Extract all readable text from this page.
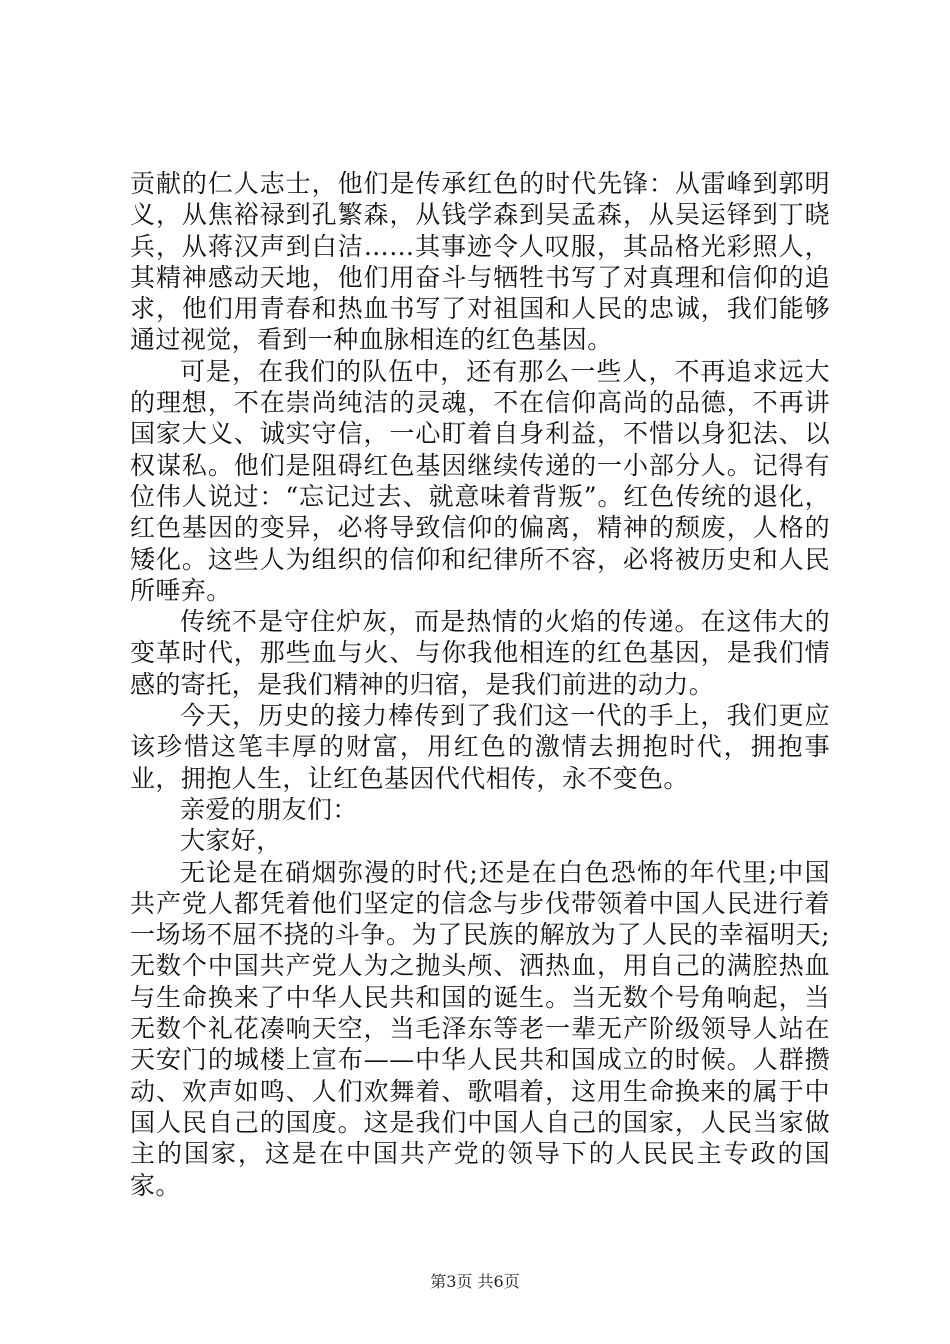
贡献的仁人志士，他们是传承红色的时代先锋：从雷峰到郭明义，从焦裕禄到孔繁森，从钱学森到吴孟森，从吴运铎到丁晓兵，从蒋汉声到白洁……其事迹令人叹服，其品格光彩照人，其精神感动天地，他们用奋斗与牺牲书写了对真理和信仰的追求，他们用青春和热血书写了对祖国和人民的忠诚，我们能够通过视觉，看到一种血脉相连的红色基因。

可是，在我们的队伍中，还有那么一些人，不再追求远大的理想，不在崇尚纯洁的灵魂，不在信仰高尚的品德，不再讲国家大义、诚实守信，一心盯着自身利益，不惜以身犯法、以权谋私。他们是阻碍红色基因继续传递的一小部分人。记得有位伟人说过：“忘记过去、就意味着背叛”。红色传统的退化，红色基因的变异，必将导致信仰的偏离，精神的颓废，人格的矮化。这些人为组织的信仰和纪律所不容，必将被历史和人民所唾弃。

传统不是守住炉灰，而是热情的火焰的传递。在这伟大的变革时代，那些血与火、与你我他相连的红色基因，是我们情感的寄托，是我们精神的归宿，是我们前进的动力。

今天，历史的接力棒传到了我们这一代的手上，我们更应该珍惜这笔丰厚的财富，用红色的激情去拥抱时代，拥抱事业，拥抱人生，让红色基因代代相传，永不变色。

亲爱的朋友们：

大家好，

无论是在硝烟弥漫的时代;还是在白色恐怖的年代里;中国共产党人都凭着他们坚定的信念与步伐带领着中国人民进行着一场场不屈不挠的斗争。为了民族的解放为了人民的幸福明天;无数个中国共产党人为之抛头颅、洒热血，用自己的满腔热血与生命换来了中华人民共和国的诞生。当无数个号角响起，当无数个礼花凑响天空，当毛泽东等老一辈无产阶级领导人站在天安门的城楼上宣布——中华人民共和国成立的时候。人群攒动、欢声如鸣、人们欢舞着、歌唱着，这用生命换来的属于中国人民自己的国度。这是我们中国人自己的国家，人民当家做主的国家，这是在中国共产党的领导下的人民民主专政的国家。

第3页 共6页
